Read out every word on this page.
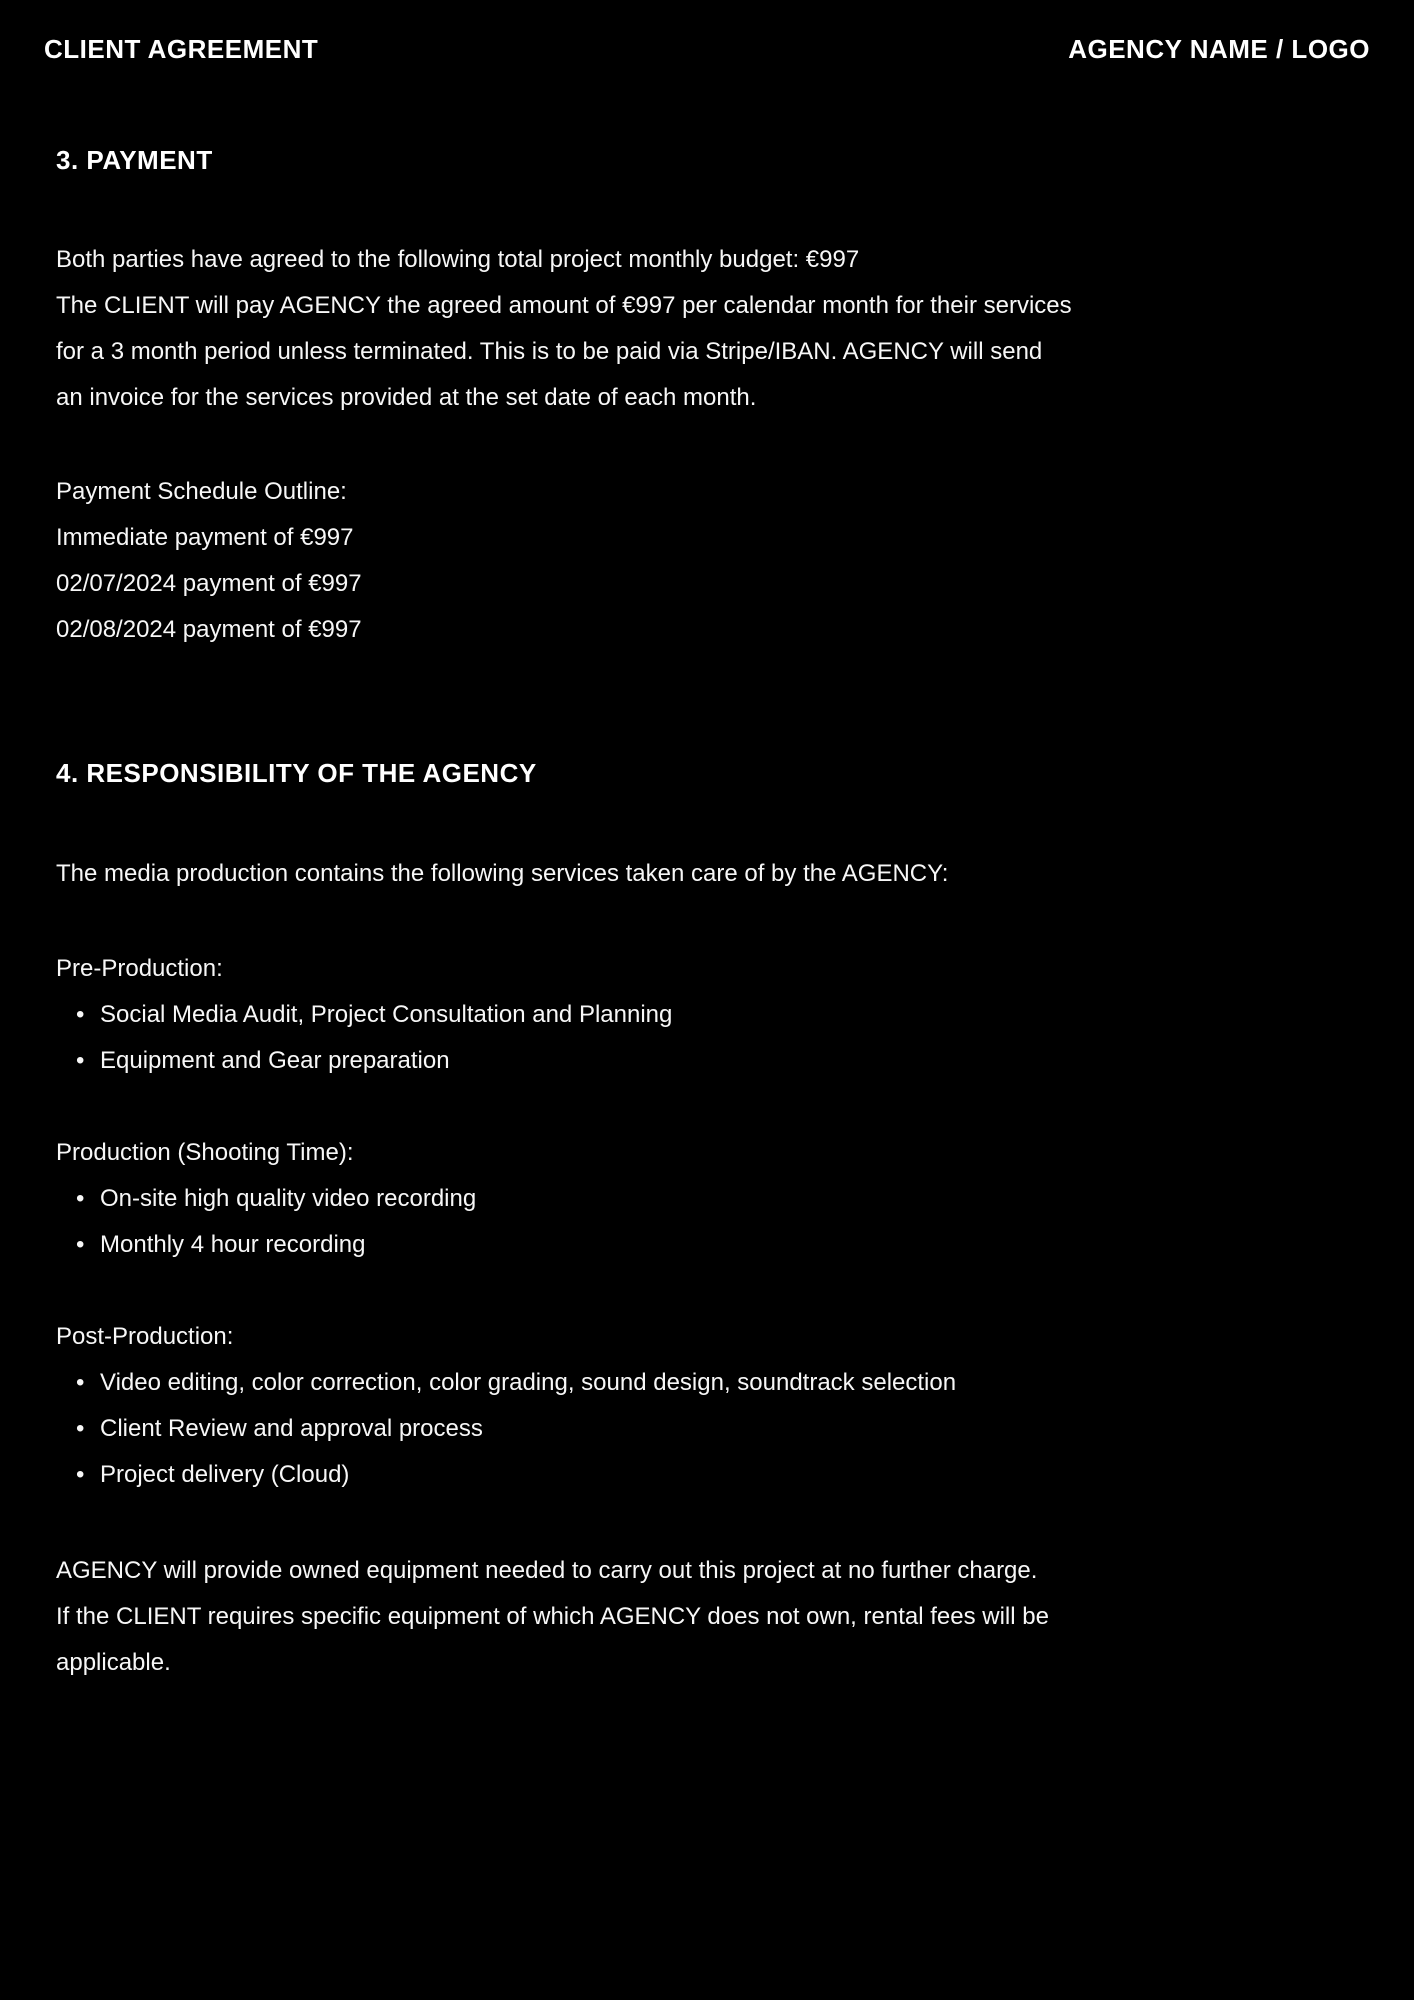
CLIENT AGREEMENT	AGENCY NAME / LOGO
3. PAYMENT
Both parties have agreed to the following total project monthly budget: €997
The CLIENT will pay AGENCY the agreed amount of €997 per calendar month for their services
for a 3 month period unless terminated. This is to be paid via Stripe/IBAN. AGENCY will send
an invoice for the services provided at the set date of each month.
Payment Schedule Outline:
Immediate payment of €997
02/07/2024 payment of €997
02/08/2024 payment of €997
4. RESPONSIBILITY OF THE AGENCY
The media production contains the following services taken care of by the AGENCY:
Pre-Production:
• Social Media Audit, Project Consultation and Planning
• Equipment and Gear preparation
Production (Shooting Time):
• On-site high quality video recording
• Monthly 4 hour recording
Post-Production:
• Video editing, color correction, color grading, sound design, soundtrack selection
• Client Review and approval process
• Project delivery (Cloud)
AGENCY will provide owned equipment needed to carry out this project at no further charge.
If the CLIENT requires specific equipment of which AGENCY does not own, rental fees will be
applicable.
